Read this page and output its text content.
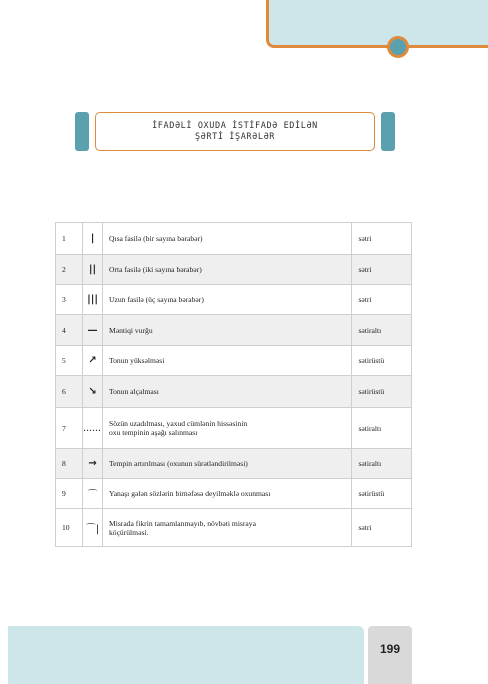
İFADƏLİ OXUDA İSTİFADƏ EDİLƏN
ŞƏRTİ İŞARƏLƏR
1	|	Qısa fasilə (bir sayına bərabər)	sətri
2	||	Orta fasilə (iki sayına bərabər)	sətri
3	|||	Uzun fasilə (üç sayına bərabər)	sətri
4	—	Məntiqi vurğu	sətiraltı
5	↗	Tonun yüksəlməsi	sətirüstü
6	↘	Tonun alçalması	sətirüstü
7	......	Sözün uzadılması, yaxud cümlənin hissəsinin
oxu tempinin aşağı salınması	sətiraltı
8	→	Tempin artırılması (oxunun sürətləndirilməsi)	sətiraltı
9	⌒	Yanaşı gələn sözlərin birnəfəsə deyilməklə oxunması	sətirüstü
10	⌒|	Misrada fikrin tamamlanmayıb, növbəti misraya
köçürülməsi.	sətri
199
